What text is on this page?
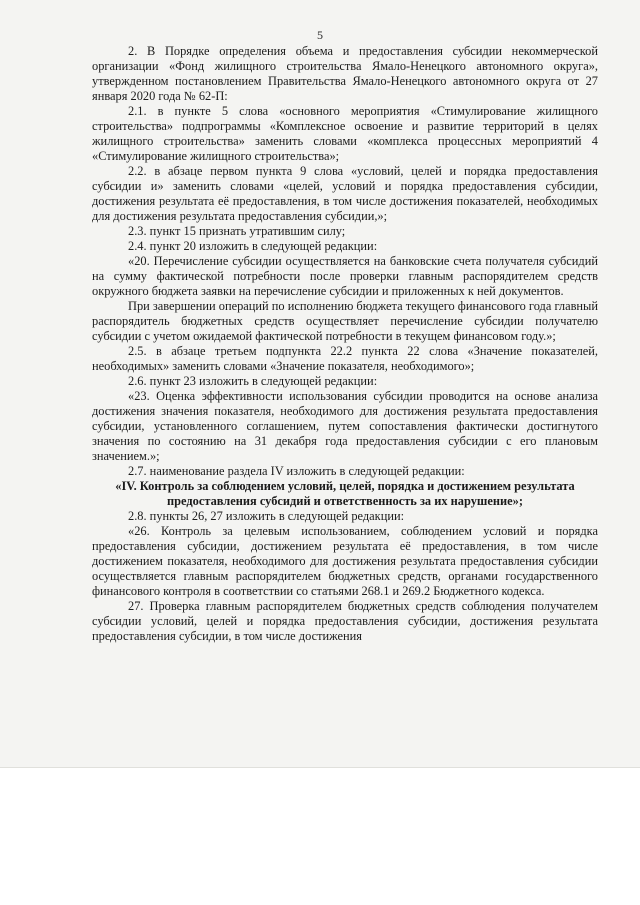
5

2. В Порядке определения объема и предоставления субсидии некоммерческой организации «Фонд жилищного строительства Ямало-Ненецкого автономного округа», утвержденном постановлением Правительства Ямало-Ненецкого автономного округа от 27 января 2020 года № 62-П:

2.1. в пункте 5 слова «основного мероприятия «Стимулирование жилищного строительства» подпрограммы «Комплексное освоение и развитие территорий в целях жилищного строительства» заменить словами «комплекса процессных мероприятий 4 «Стимулирование жилищного строительства»;

2.2. в абзаце первом пункта 9 слова «условий, целей и порядка предоставления субсидии и» заменить словами «целей, условий и порядка предоставления субсидии, достижения результата её предоставления, в том числе достижения показателей, необходимых для достижения результата предоставления субсидии,»;

2.3. пункт 15 признать утратившим силу;

2.4. пункт 20 изложить в следующей редакции:

«20. Перечисление субсидии осуществляется на банковские счета получателя субсидий на сумму фактической потребности после проверки главным распорядителем средств окружного бюджета заявки на перечисление субсидии и приложенных к ней документов.

При завершении операций по исполнению бюджета текущего финансового года главный распорядитель бюджетных средств осуществляет перечисление субсидии получателю субсидии с учетом ожидаемой фактической потребности в текущем финансовом году.»;

2.5. в абзаце третьем подпункта 22.2 пункта 22 слова «Значение показателей, необходимых» заменить словами «Значение показателя, необходимого»;

2.6. пункт 23 изложить в следующей редакции:

«23. Оценка эффективности использования субсидии проводится на основе анализа достижения значения показателя, необходимого для достижения результата предоставления субсидии, установленного соглашением, путем сопоставления фактически достигнутого значения по состоянию на 31 декабря года предоставления субсидии с его плановым значением.»;

2.7. наименование раздела IV изложить в следующей редакции:

«IV. Контроль за соблюдением условий, целей, порядка и достижением результата предоставления субсидий и ответственность за их нарушение»;

2.8. пункты 26, 27 изложить в следующей редакции:

«26. Контроль за целевым использованием, соблюдением условий и порядка предоставления субсидии, достижением результата её предоставления, в том числе достижением показателя, необходимого для достижения результата предоставления субсидии осуществляется главным распорядителем бюджетных средств, органами государственного финансового контроля в соответствии со статьями 268.1 и 269.2 Бюджетного кодекса.

27. Проверка главным распорядителем бюджетных средств соблюдения получателем субсидии условий, целей и порядка предоставления субсидии, достижения результата предоставления субсидии, в том числе достижения
